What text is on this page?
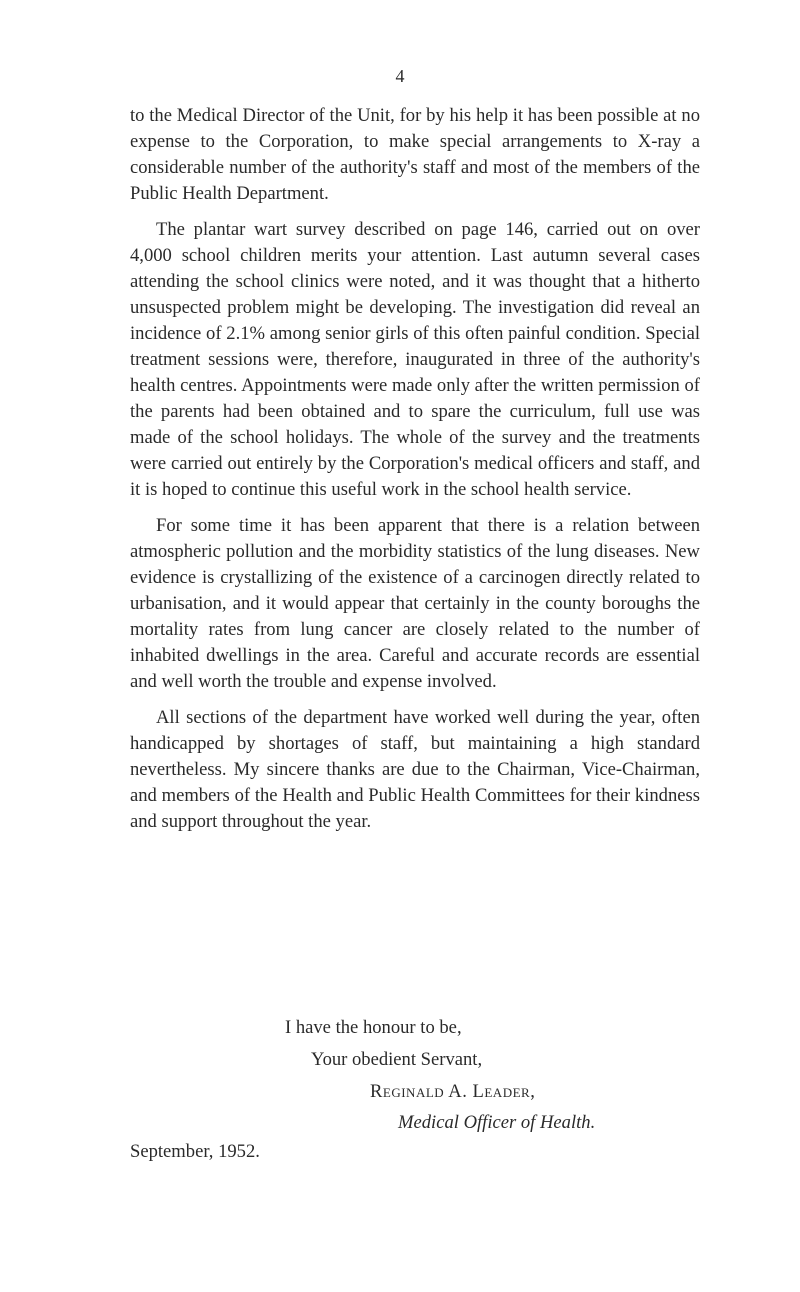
4

to the Medical Director of the Unit, for by his help it has been possible at no expense to the Corporation, to make special arrangements to X-ray a considerable number of the authority's staff and most of the members of the Public Health Department.

The plantar wart survey described on page 146, carried out on over 4,000 school children merits your attention. Last autumn several cases attending the school clinics were noted, and it was thought that a hitherto unsuspected problem might be developing. The investigation did reveal an incidence of 2.1% among senior girls of this often painful condition. Special treatment sessions were, therefore, inaugurated in three of the authority's health centres. Appointments were made only after the written permission of the parents had been obtained and to spare the curriculum, full use was made of the school holidays. The whole of the survey and the treatments were carried out entirely by the Corporation's medical officers and staff, and it is hoped to continue this useful work in the school health service.

For some time it has been apparent that there is a relation between atmospheric pollution and the morbidity statistics of the lung diseases. New evidence is crystallizing of the existence of a carcinogen directly related to urbanisation, and it would appear that certainly in the county boroughs the mortality rates from lung cancer are closely related to the number of inhabited dwellings in the area. Careful and accurate records are essential and well worth the trouble and expense involved.

All sections of the department have worked well during the year, often handicapped by shortages of staff, but maintaining a high standard nevertheless. My sincere thanks are due to the Chairman, Vice-Chairman, and members of the Health and Public Health Committees for their kindness and support throughout the year.

I have the honour to be,
Your obedient Servant,
Reginald A. Leader,
Medical Officer of Health.
September, 1952.
